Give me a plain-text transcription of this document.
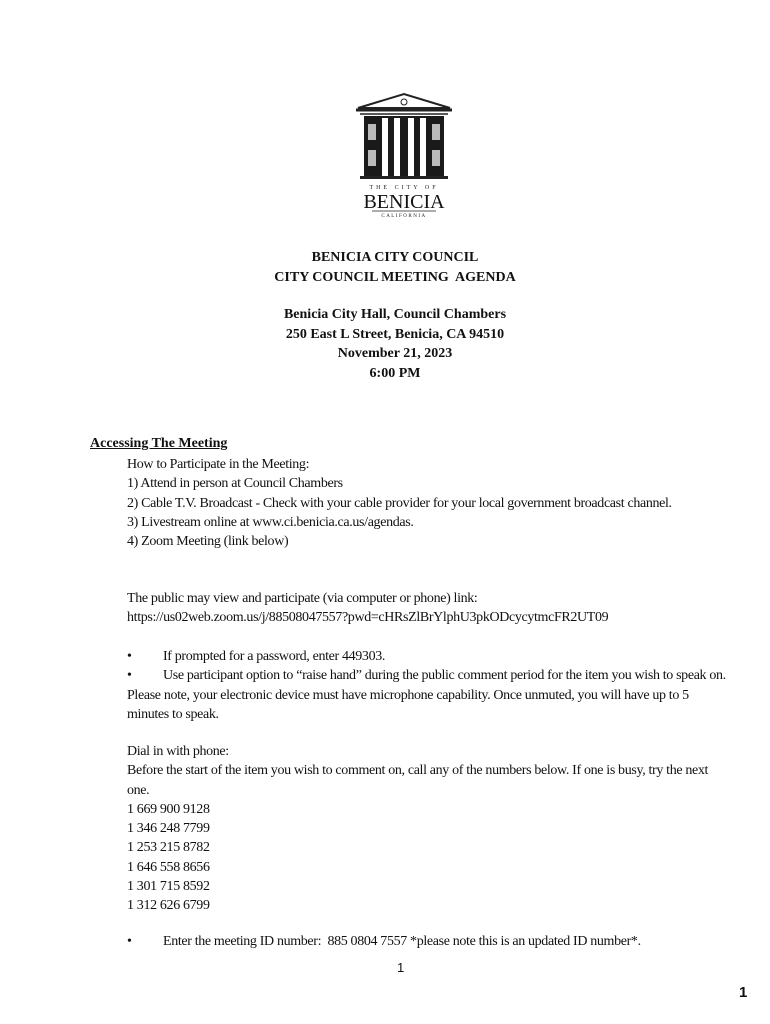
THE CITY OF
BENICIA
CALIFORNIA
BENICIA CITY COUNCIL
CITY COUNCIL MEETING  AGENDA
Benicia City Hall, Council Chambers
250 East L Street, Benicia, CA 94510
November 21, 2023
6:00 PM
Accessing The Meeting
How to Participate in the Meeting:
1) Attend in person at Council Chambers
2) Cable T.V. Broadcast - Check with your cable provider for your local government broadcast channel.
3) Livestream online at www.ci.benicia.ca.us/agendas.
4) Zoom Meeting (link below)
The public may view and participate (via computer or phone) link:
https://us02web.zoom.us/j/88508047557?pwd=cHRsZlBrYlphU3pkODcycytmcFR2UT09
• If prompted for a password, enter 449303.
• Use participant option to “raise hand” during the public comment period for the item you wish to speak on. Please note, your electronic device must have microphone capability. Once unmuted, you will have up to 5 minutes to speak.
Dial in with phone:
Before the start of the item you wish to comment on, call any of the numbers below. If one is busy, try the next one.
1 669 900 9128
1 346 248 7799
1 253 215 8782
1 646 558 8656
1 301 715 8592
1 312 626 6799
• Enter the meeting ID number:  885 0804 7557 *please note this is an updated ID number*.
1
1
